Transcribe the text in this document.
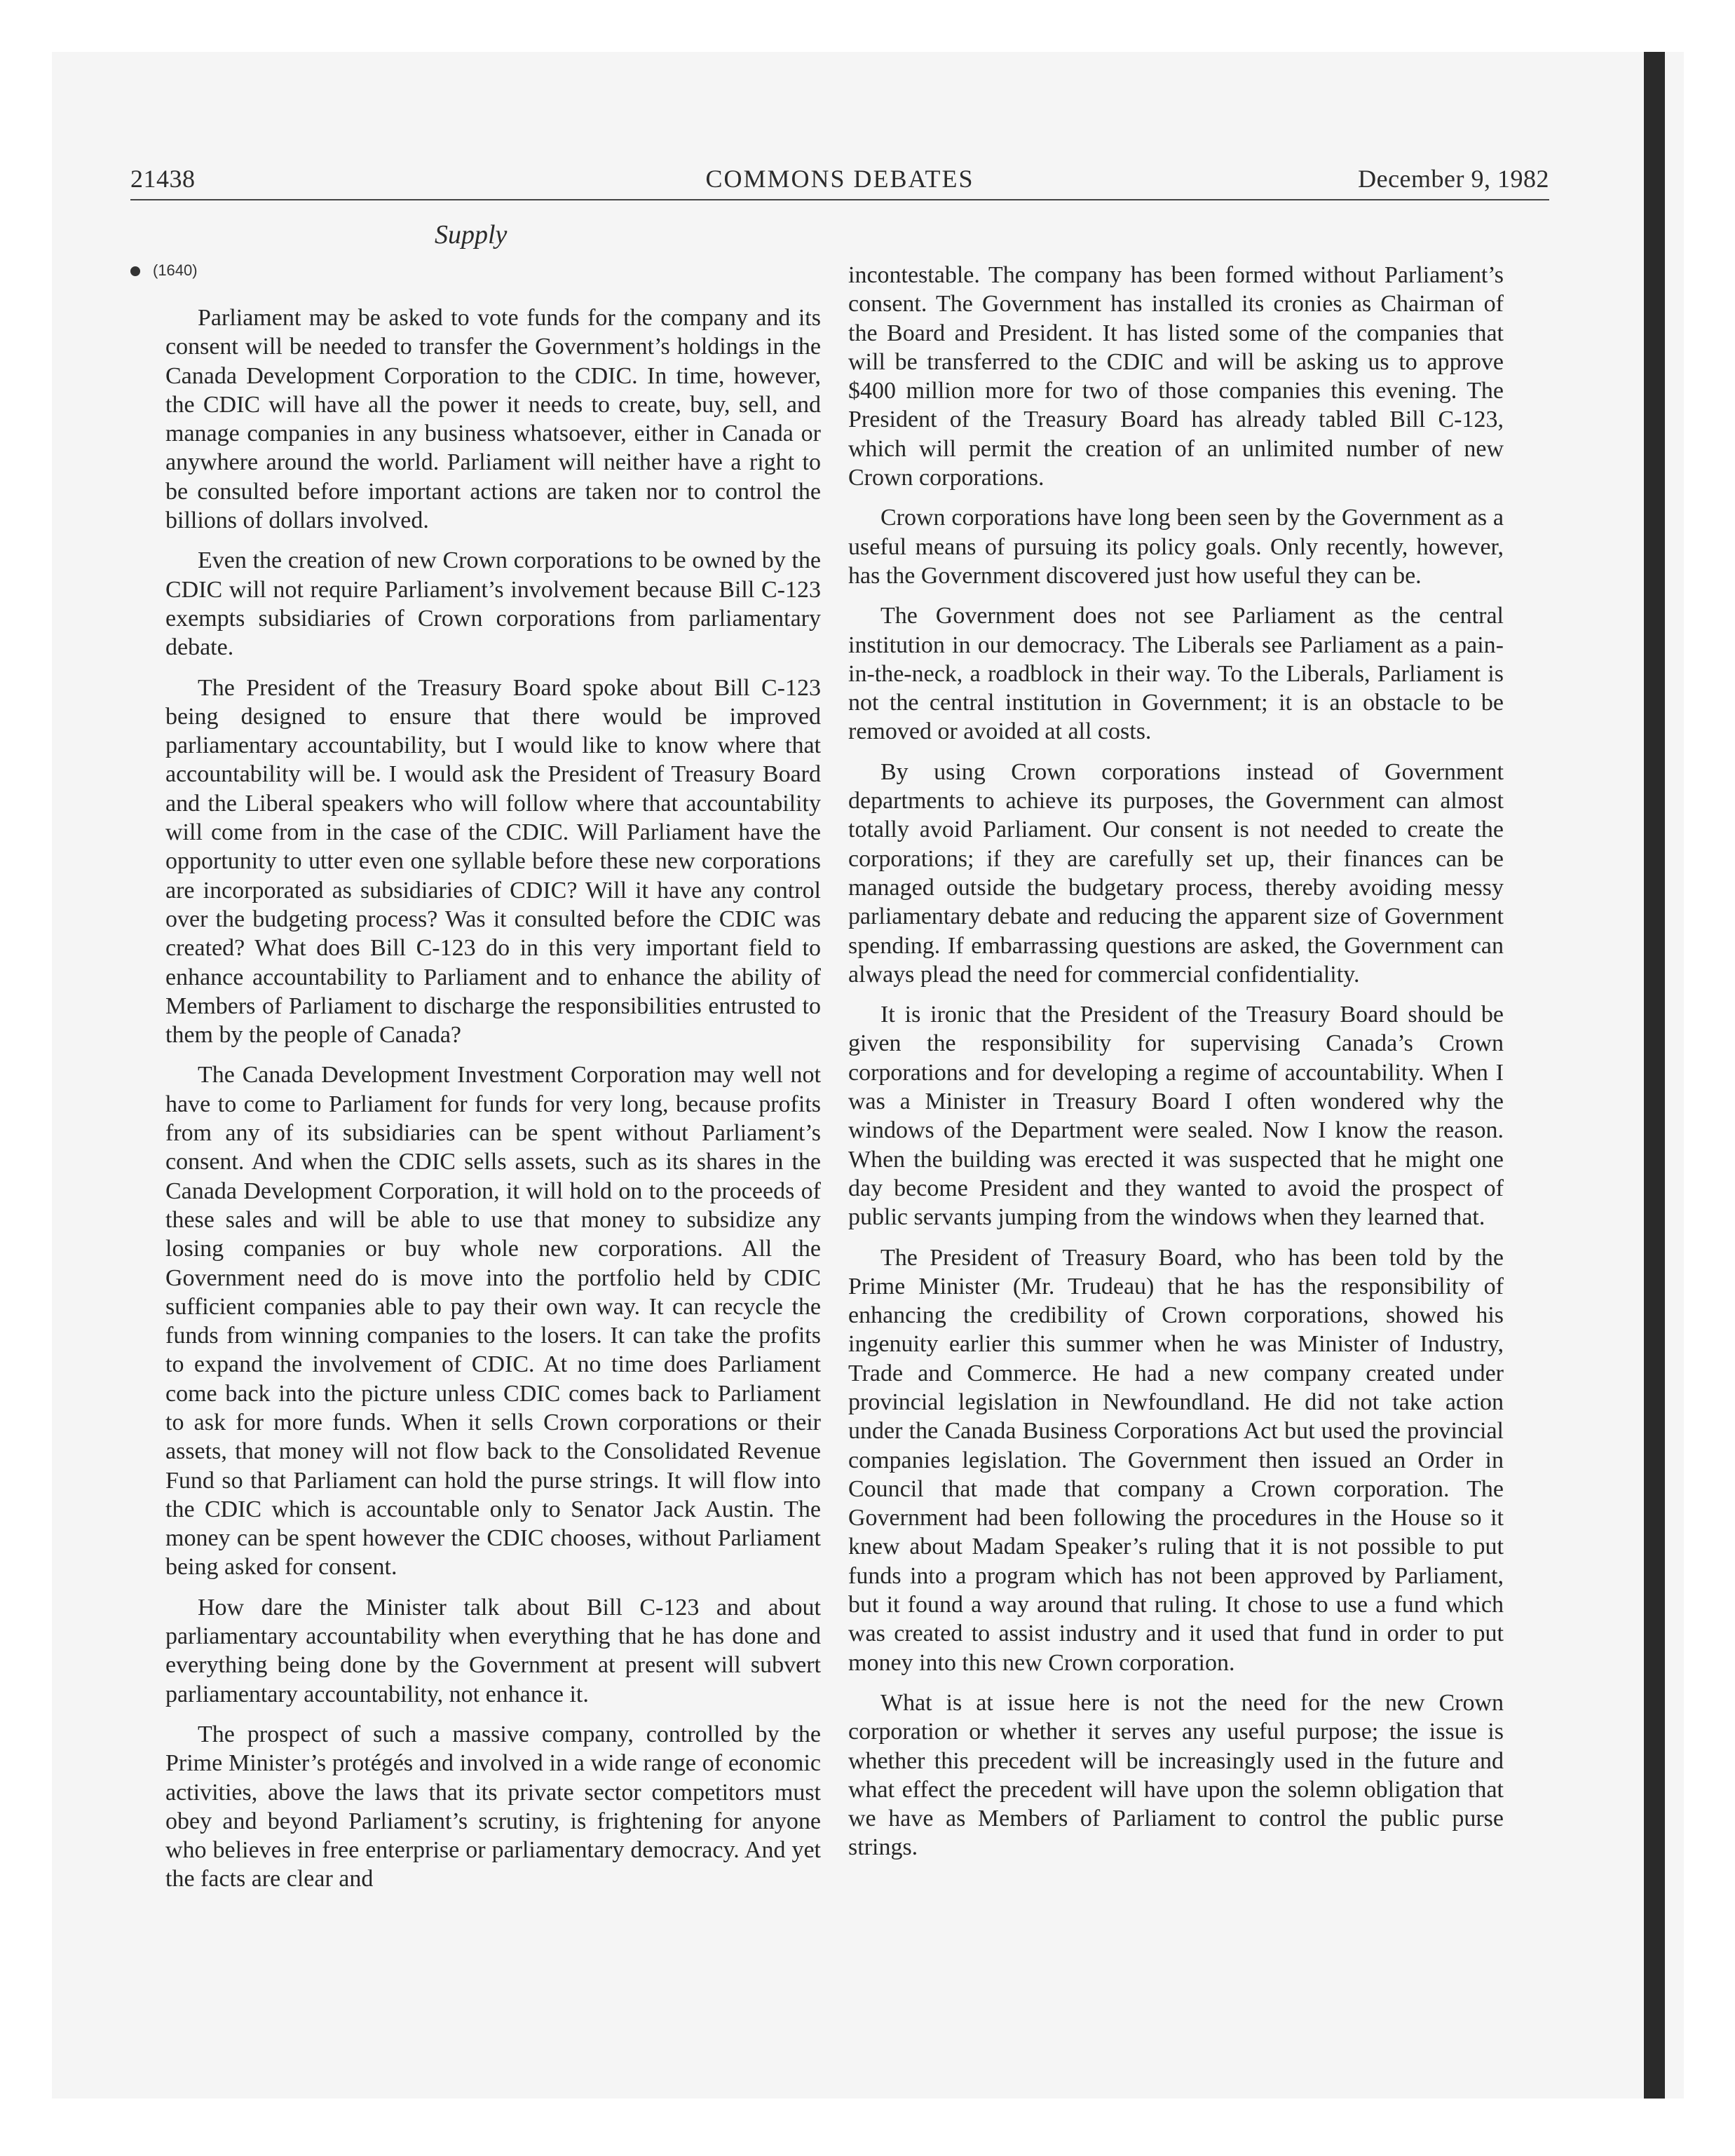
21438	COMMONS DEBATES	December 9, 1982
Supply
(1640)

Parliament may be asked to vote funds for the company and its consent will be needed to transfer the Government’s holdings in the Canada Development Corporation to the CDIC. In time, however, the CDIC will have all the power it needs to create, buy, sell, and manage companies in any business whatsoever, either in Canada or anywhere around the world. Parliament will neither have a right to be consulted before important actions are taken nor to control the billions of dollars involved.

Even the creation of new Crown corporations to be owned by the CDIC will not require Parliament’s involvement because Bill C-123 exempts subsidiaries of Crown corporations from parliamentary debate.

The President of the Treasury Board spoke about Bill C-123 being designed to ensure that there would be improved parliamentary accountability, but I would like to know where that accountability will be. I would ask the President of Treasury Board and the Liberal speakers who will follow where that accountability will come from in the case of the CDIC. Will Parliament have the opportunity to utter even one syllable before these new corporations are incorporated as subsidiaries of CDIC? Will it have any control over the budgeting process? Was it consulted before the CDIC was created? What does Bill C-123 do in this very important field to enhance accountability to Parliament and to enhance the ability of Members of Parliament to discharge the responsibilities entrusted to them by the people of Canada?

The Canada Development Investment Corporation may well not have to come to Parliament for funds for very long, because profits from any of its subsidiaries can be spent without Parliament’s consent. And when the CDIC sells assets, such as its shares in the Canada Development Corporation, it will hold on to the proceeds of these sales and will be able to use that money to subsidize any losing companies or buy whole new corporations. All the Government need do is move into the portfolio held by CDIC sufficient companies able to pay their own way. It can recycle the funds from winning companies to the losers. It can take the profits to expand the involvement of CDIC. At no time does Parliament come back into the picture unless CDIC comes back to Parliament to ask for more funds. When it sells Crown corporations or their assets, that money will not flow back to the Consolidated Revenue Fund so that Parliament can hold the purse strings. It will flow into the CDIC which is accountable only to Senator Jack Austin. The money can be spent however the CDIC chooses, without Parliament being asked for consent.

How dare the Minister talk about Bill C-123 and about parliamentary accountability when everything that he has done and everything being done by the Government at present will subvert parliamentary accountability, not enhance it.

The prospect of such a massive company, controlled by the Prime Minister’s protégés and involved in a wide range of economic activities, above the laws that its private sector competitors must obey and beyond Parliament’s scrutiny, is frightening for anyone who believes in free enterprise or parliamentary democracy. And yet the facts are clear and

incontestable. The company has been formed without Parliament’s consent. The Government has installed its cronies as Chairman of the Board and President. It has listed some of the companies that will be transferred to the CDIC and will be asking us to approve $400 million more for two of those companies this evening. The President of the Treasury Board has already tabled Bill C-123, which will permit the creation of an unlimited number of new Crown corporations.

Crown corporations have long been seen by the Government as a useful means of pursuing its policy goals. Only recently, however, has the Government discovered just how useful they can be.

The Government does not see Parliament as the central institution in our democracy. The Liberals see Parliament as a pain-in-the-neck, a roadblock in their way. To the Liberals, Parliament is not the central institution in Government; it is an obstacle to be removed or avoided at all costs.

By using Crown corporations instead of Government departments to achieve its purposes, the Government can almost totally avoid Parliament. Our consent is not needed to create the corporations; if they are carefully set up, their finances can be managed outside the budgetary process, thereby avoiding messy parliamentary debate and reducing the apparent size of Government spending. If embarrassing questions are asked, the Government can always plead the need for commercial confidentiality.

It is ironic that the President of the Treasury Board should be given the responsibility for supervising Canada’s Crown corporations and for developing a regime of accountability. When I was a Minister in Treasury Board I often wondered why the windows of the Department were sealed. Now I know the reason. When the building was erected it was suspected that he might one day become President and they wanted to avoid the prospect of public servants jumping from the windows when they learned that.

The President of Treasury Board, who has been told by the Prime Minister (Mr. Trudeau) that he has the responsibility of enhancing the credibility of Crown corporations, showed his ingenuity earlier this summer when he was Minister of Industry, Trade and Commerce. He had a new company created under provincial legislation in Newfoundland. He did not take action under the Canada Business Corporations Act but used the provincial companies legislation. The Government then issued an Order in Council that made that company a Crown corporation. The Government had been following the procedures in the House so it knew about Madam Speaker’s ruling that it is not possible to put funds into a program which has not been approved by Parliament, but it found a way around that ruling. It chose to use a fund which was created to assist industry and it used that fund in order to put money into this new Crown corporation.

What is at issue here is not the need for the new Crown corporation or whether it serves any useful purpose; the issue is whether this precedent will be increasingly used in the future and what effect the precedent will have upon the solemn obligation that we have as Members of Parliament to control the public purse strings.
